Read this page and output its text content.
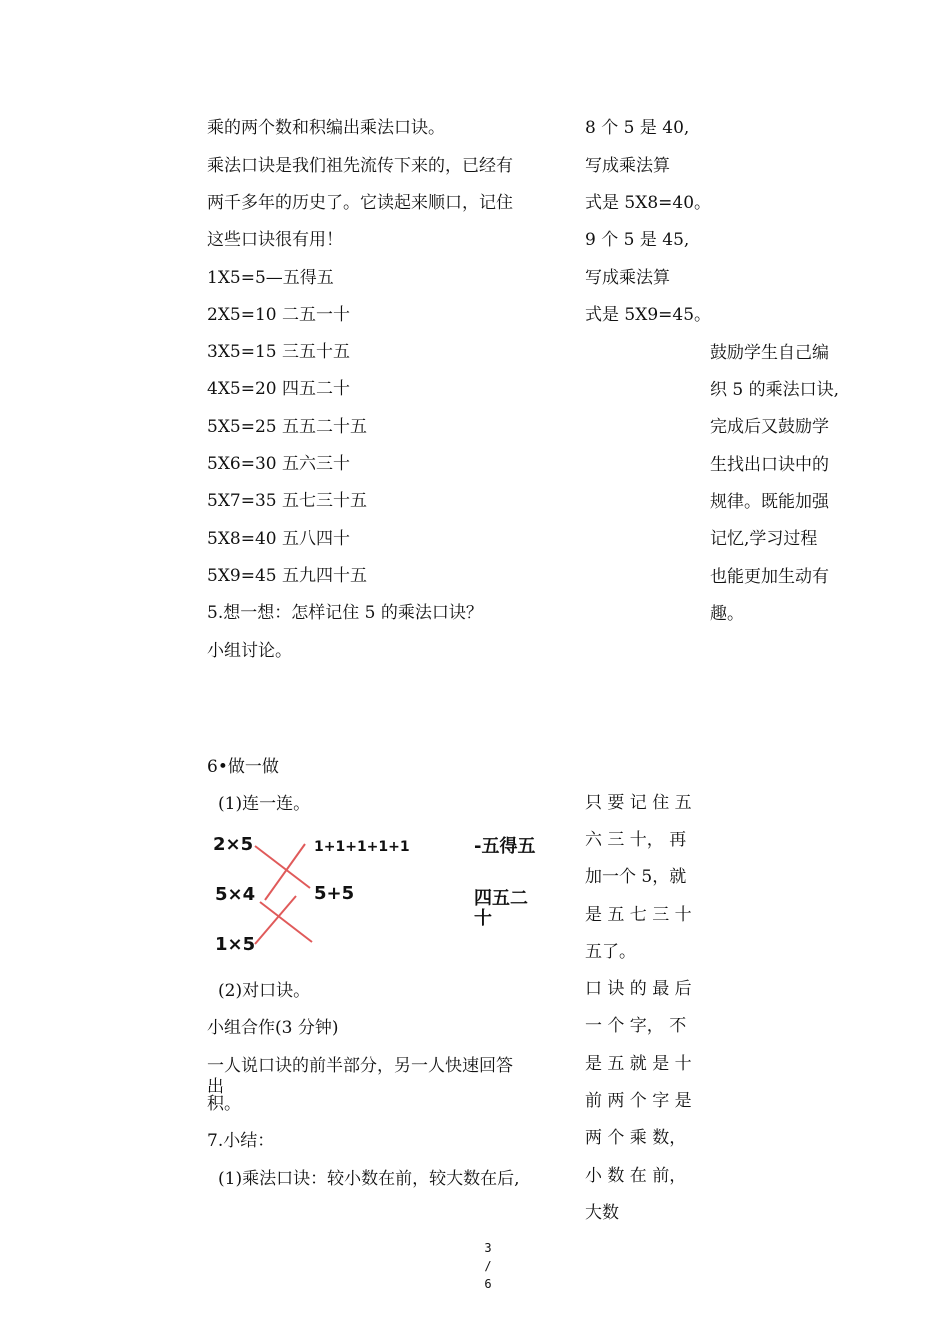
乘的两个数和积编出乘法口诀。
乘法口诀是我们祖先流传下来的，已经有
两千多年的历史了。它读起来顺口，记住
这些口诀很有用！
1X5=5—五得五
2X5=10 二五一十
3X5=15 三五十五
4X5=20 四五二十
5X5=25 五五二十五
5X6=30 五六三十
5X7=35 五七三十五
5X8=40 五八四十
5X9=45 五九四十五
5.想一想：怎样记住 5 的乘法口诀？
小组讨论。
8 个 5 是 40,
写成乘法算
式是 5X8=40。
9 个 5 是 45,
写成乘法算
式是 5X9=45。
鼓励学生自己编
织 5 的乘法口诀,
完成后又鼓励学
生找出口诀中的
规律。既能加强
记忆,学习过程
也能更加生动有
趣。
6•做一做
(1)连一连。
2×5
5×4
1×5
1+1+1+1+1
5+5
-五得五
四五二
十
(2)对口诀。
小组合作(3 分钟)
一人说口诀的前半部分，另一人快速回答
出
积。
7.小结：
(1)乘法口诀：较小数在前，较大数在后,
只 要 记 住 五
六 三 十， 再
加一个 5，就
是 五 七 三 十
五了。
口 诀 的 最 后
一 个 字， 不
是 五 就 是 十
前 两 个 字 是
两 个 乘 数，
小 数 在 前，
大数
3
/
6
